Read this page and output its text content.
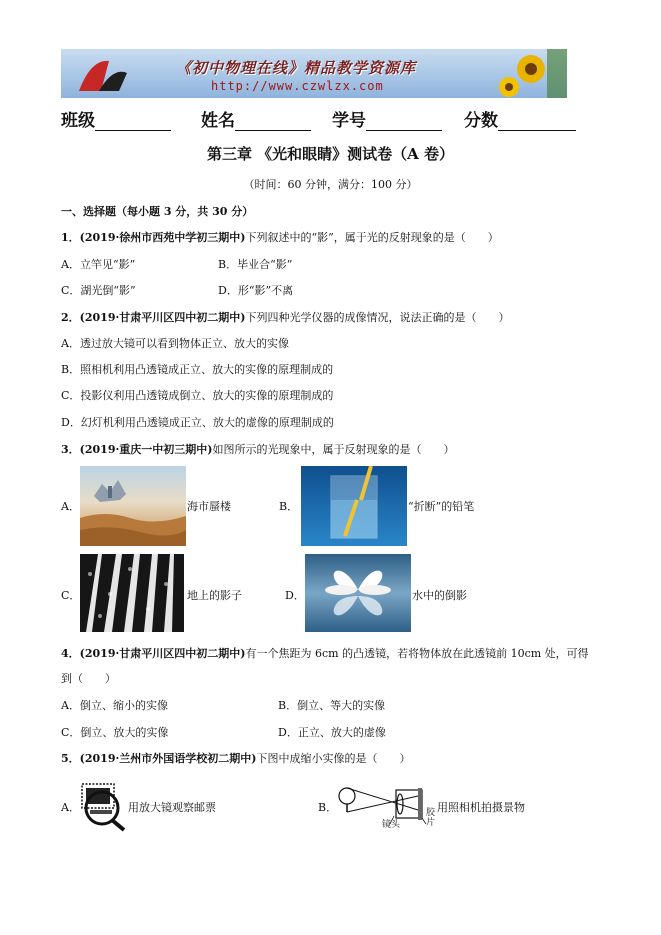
《初中物理在线》精品教学资源库
http://www.czwlzx.com
班级	姓名	学号	分数
第三章 《光和眼睛》测试卷（A 卷）
（时间：60 分钟，满分：100 分）
一、选择题（每小题 3 分，共 30 分）
1．(2019·徐州市西苑中学初三期中)下列叙述中的“影”，属于光的反射现象的是（　　）
A．立竿见“影”	B．毕业合“影”
C．湖光倒“影”	D．形“影”不离
2．(2019·甘肃平川区四中初二期中)下列四种光学仪器的成像情况，说法正确的是（　　）
A．透过放大镜可以看到物体正立、放大的实像
B．照相机利用凸透镜成正立、放大的实像的原理制成的
C．投影仪利用凸透镜成倒立、放大的实像的原理制成的
D．幻灯机利用凸透镜成正立、放大的虚像的原理制成的
3．(2019·重庆一中初三期中)如图所示的光现象中，属于反射现象的是（　　）
A．	海市蜃楼	B．	“折断”的铅笔
C．	地上的影子	D．	水中的倒影
4．(2019·甘肃平川区四中初二期中)有一个焦距为 6cm 的凸透镜，若将物体放在此透镜前 10cm 处，可得
到（　　）
A．倒立、缩小的实像	B．倒立、等大的实像
C．倒立、放大的实像	D．正立、放大的虚像
5．(2019·兰州市外国语学校初二期中)下图中成缩小实像的是（　　）
A．	用放大镜观察邮票	B．
镜头
胶片
用照相机拍摄景物
